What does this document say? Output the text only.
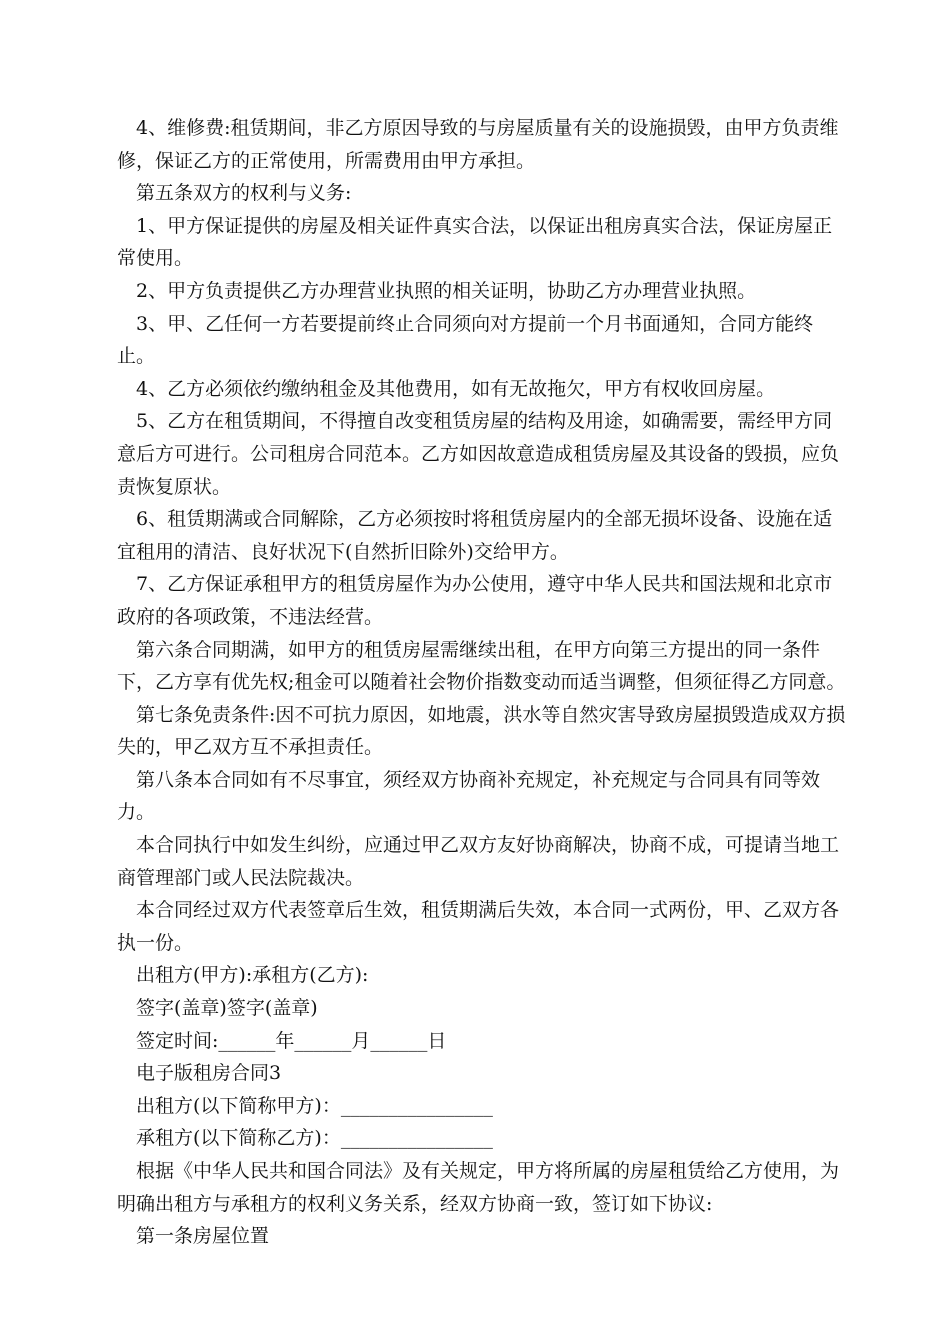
4、维修费:租赁期间，非乙方原因导致的与房屋质量有关的设施损毁，由甲方负责维修，保证乙方的正常使用，所需费用由甲方承担。

第五条双方的权利与义务:

1、甲方保证提供的房屋及相关证件真实合法，以保证出租房真实合法，保证房屋正常使用。

2、甲方负责提供乙方办理营业执照的相关证明，协助乙方办理营业执照。

3、甲、乙任何一方若要提前终止合同须向对方提前一个月书面通知，合同方能终止。

4、乙方必须依约缴纳租金及其他费用，如有无故拖欠，甲方有权收回房屋。

5、乙方在租赁期间，不得擅自改变租赁房屋的结构及用途，如确需要，需经甲方同意后方可进行。公司租房合同范本。乙方如因故意造成租赁房屋及其设备的毁损，应负责恢复原状。

6、租赁期满或合同解除，乙方必须按时将租赁房屋内的全部无损坏设备、设施在适宜租用的清洁、良好状况下(自然折旧除外)交给甲方。

7、乙方保证承租甲方的租赁房屋作为办公使用，遵守中华人民共和国法规和北京市政府的各项政策，不违法经营。

第六条合同期满，如甲方的租赁房屋需继续出租，在甲方向第三方提出的同一条件下，乙方享有优先权;租金可以随着社会物价指数变动而适当调整，但须征得乙方同意。

第七条免责条件:因不可抗力原因，如地震，洪水等自然灾害导致房屋损毁造成双方损失的，甲乙双方互不承担责任。

第八条本合同如有不尽事宜，须经双方协商补充规定，补充规定与合同具有同等效力。

本合同执行中如发生纠纷，应通过甲乙双方友好协商解决，协商不成，可提请当地工商管理部门或人民法院裁决。

本合同经过双方代表签章后生效，租赁期满后失效，本合同一式两份，甲、乙双方各执一份。

出租方(甲方):承租方(乙方):

签字(盖章)签字(盖章)

签定时间:______年______月______日

电子版租房合同3

出租方(以下简称甲方)：________________

承租方(以下简称乙方)：________________

根据《中华人民共和国合同法》及有关规定，甲方将所属的房屋租赁给乙方使用，为明确出租方与承租方的权利义务关系，经双方协商一致，签订如下协议:

第一条房屋位置
